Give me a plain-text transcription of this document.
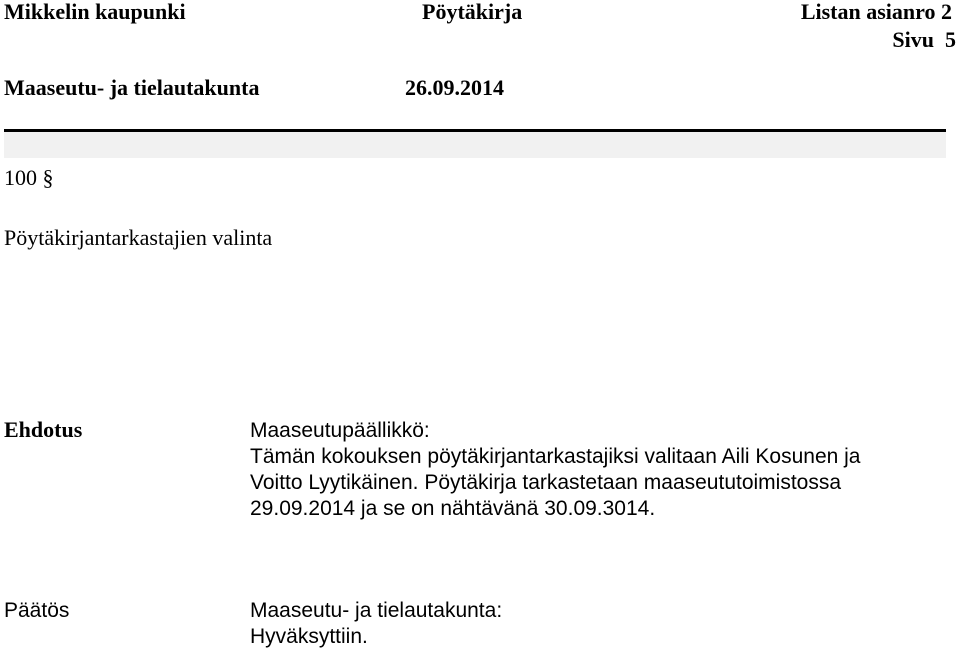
Mikkelin kaupunki	Pöytäkirja	Listan asianro 2
Sivu  5
Maaseutu- ja tielautakunta	26.09.2014
100 §
Pöytäkirjantarkastajien valinta
Ehdotus	Maaseutupäällikkö:
Tämän kokouksen pöytäkirjantarkastajiksi valitaan Aili Kosunen ja
Voitto Lyytikäinen. Pöytäkirja tarkastetaan maaseututoimistossa
29.09.2014 ja se on nähtävänä 30.09.3014.
Päätös	Maaseutu- ja tielautakunta:
Hyväksyttiin.
